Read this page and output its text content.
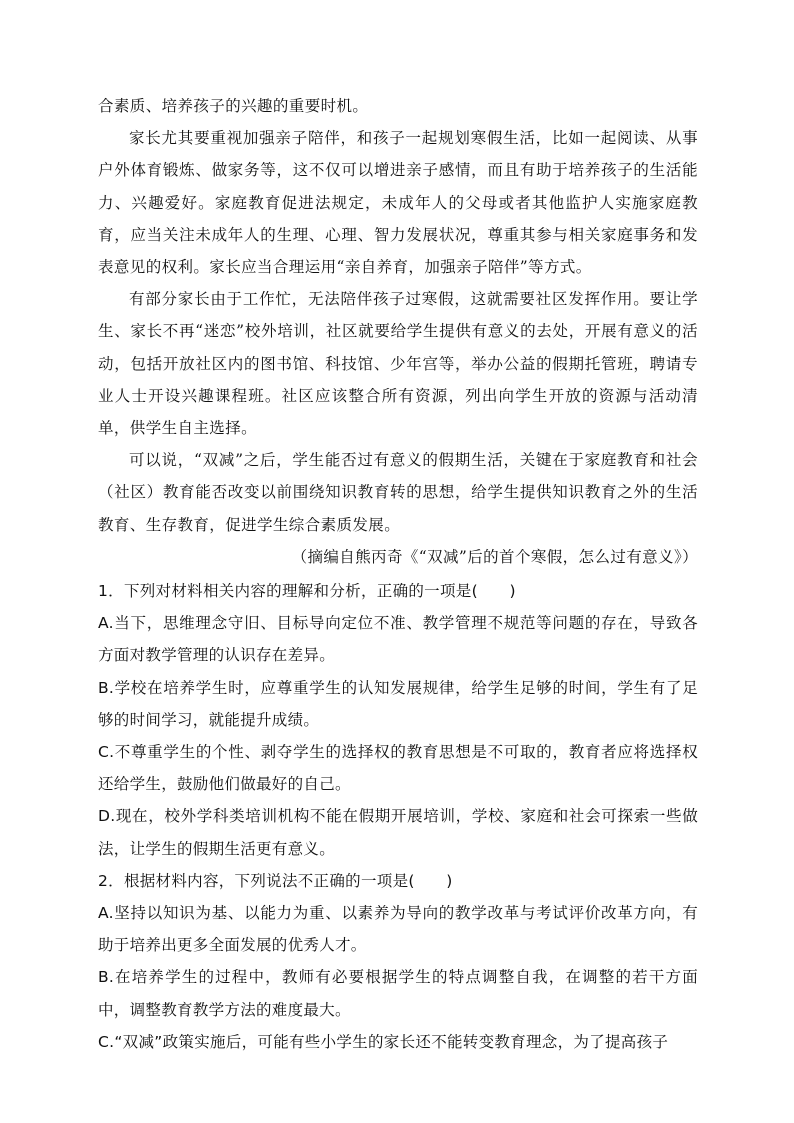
合素质、培养孩子的兴趣的重要时机。

家长尤其要重视加强亲子陪伴，和孩子一起规划寒假生活，比如一起阅读、从事户外体育锻炼、做家务等，这不仅可以增进亲子感情，而且有助于培养孩子的生活能力、兴趣爱好。家庭教育促进法规定，未成年人的父母或者其他监护人实施家庭教育，应当关注未成年人的生理、心理、智力发展状况，尊重其参与相关家庭事务和发表意见的权利。家长应当合理运用“亲自养育，加强亲子陪伴”等方式。

有部分家长由于工作忙，无法陪伴孩子过寒假，这就需要社区发挥作用。要让学生、家长不再“迷恋”校外培训，社区就要给学生提供有意义的去处，开展有意义的活动，包括开放社区内的图书馆、科技馆、少年宫等，举办公益的假期托管班，聘请专业人士开设兴趣课程班。社区应该整合所有资源，列出向学生开放的资源与活动清单，供学生自主选择。

可以说，“双减”之后，学生能否过有意义的假期生活，关键在于家庭教育和社会（社区）教育能否改变以前围绕知识教育转的思想，给学生提供知识教育之外的生活教育、生存教育，促进学生综合素质发展。

（摘编自熊丙奇《“双减”后的首个寒假，怎么过有意义》）

1．下列对材料相关内容的理解和分析，正确的一项是(　　)

A.当下，思维理念守旧、目标导向定位不准、教学管理不规范等问题的存在，导致各方面对教学管理的认识存在差异。

B.学校在培养学生时，应尊重学生的认知发展规律，给学生足够的时间，学生有了足够的时间学习，就能提升成绩。

C.不尊重学生的个性、剥夺学生的选择权的教育思想是不可取的，教育者应将选择权还给学生，鼓励他们做最好的自己。

D.现在，校外学科类培训机构不能在假期开展培训，学校、家庭和社会可探索一些做法，让学生的假期生活更有意义。

2．根据材料内容，下列说法不正确的一项是(　　)

A.坚持以知识为基、以能力为重、以素养为导向的教学改革与考试评价改革方向，有助于培养出更多全面发展的优秀人才。

B.在培养学生的过程中，教师有必要根据学生的特点调整自我，在调整的若干方面中，调整教育教学方法的难度最大。

C.“双减”政策实施后，可能有些小学生的家长还不能转变教育理念，为了提高孩子
